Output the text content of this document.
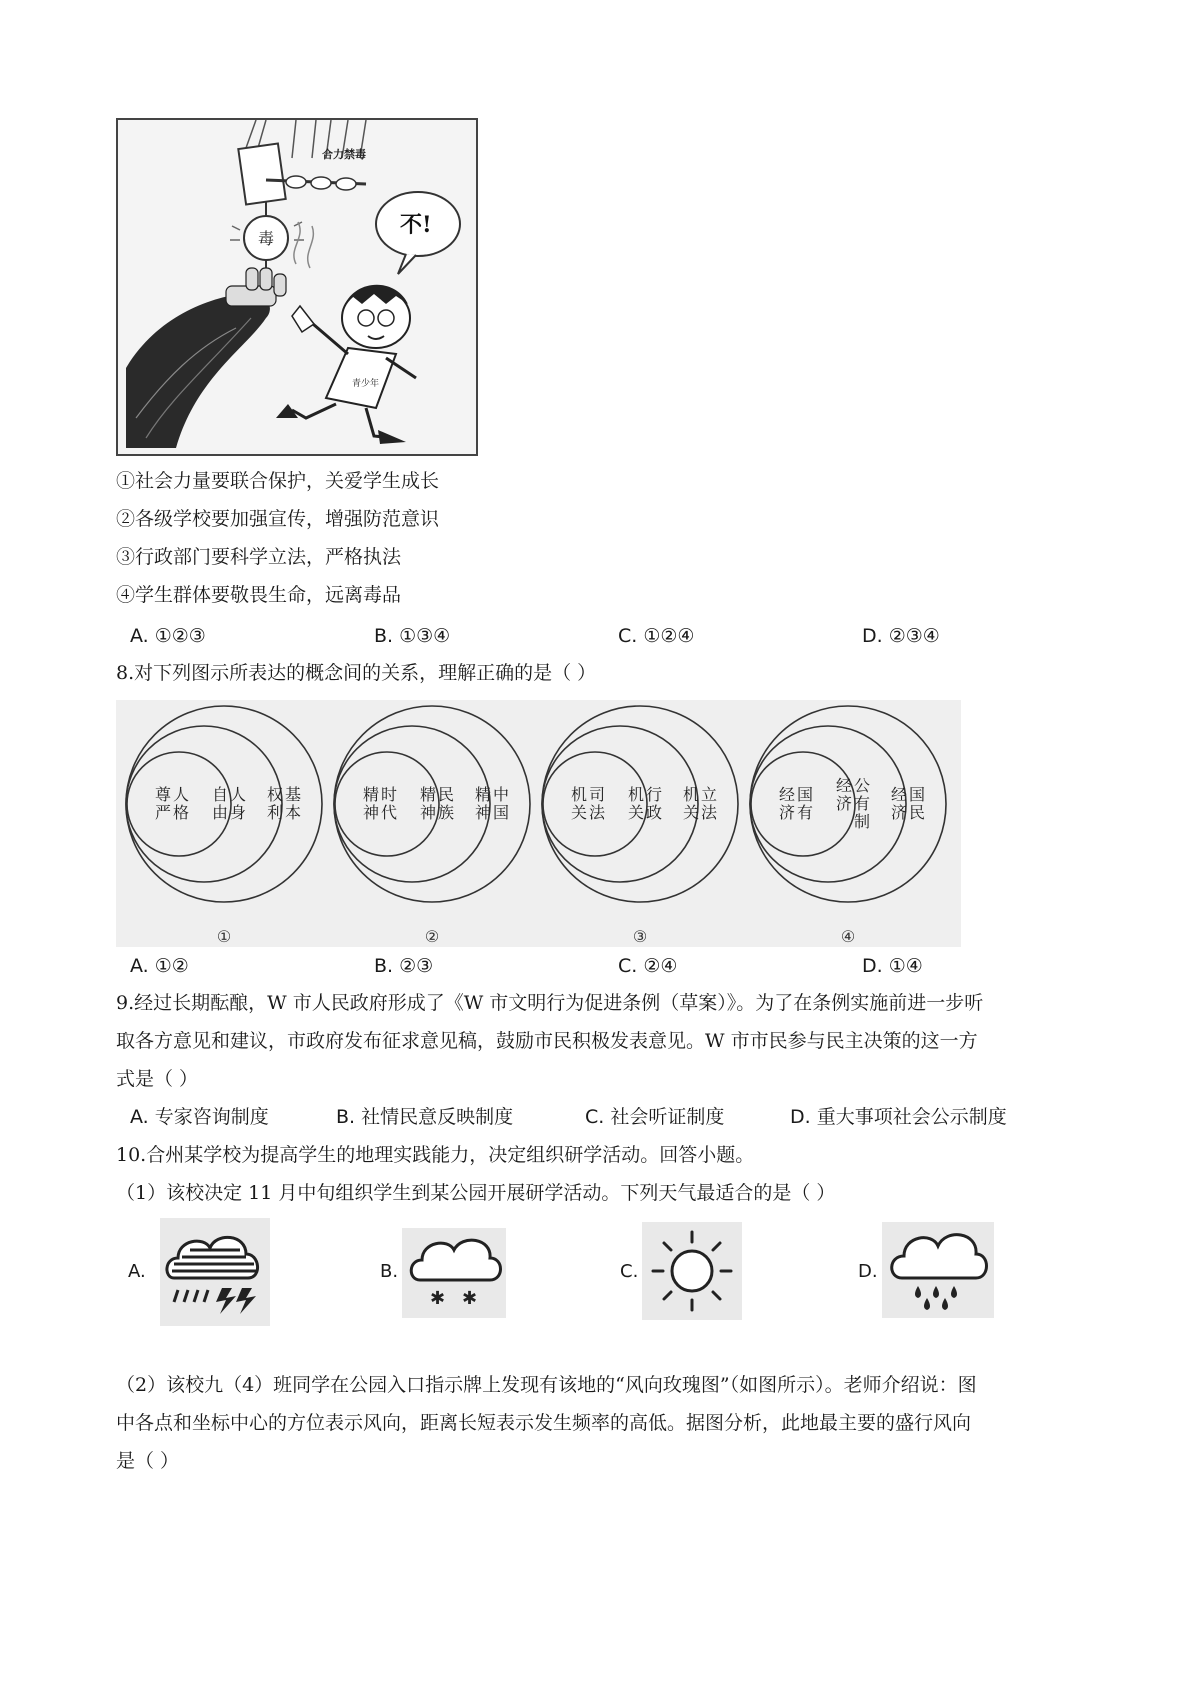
合力禁毒
毒
不!
青少年
①社会力量要联合保护，关爱学生成长
②各级学校要加强宣传，增强防范意识
③行政部门要科学立法，严格执法
④学生群体要敬畏生命，远离毒品
A. ①②③	B. ①③④	C. ①②④	D. ②③④
8.对下列图示所表达的概念间的关系，理解正确的是（ ）
人格尊严
人身自由
基本权利
①
时代精神
民族精神
中国精神
②
司法机关
行政机关
立法机关
③
国有经济
公有制经济	国民经济
④
A. ①②	B. ②③	C. ②④	D. ①④
9.经过长期酝酿，W 市人民政府形成了《W 市文明行为促进条例（草案）》。为了在条例实施前进一步听
取各方意见和建议，市政府发布征求意见稿，鼓励市民积极发表意见。W 市市民参与民主决策的这一方
式是（ ）
A. 专家咨询制度	B. 社情民意反映制度	C. 社会听证制度	D. 重大事项社会公示制度
10.合州某学校为提高学生的地理实践能力，决定组织研学活动。回答小题。
（1）该校决定 11 月中旬组织学生到某公园开展研学活动。下列天气最适合的是（ ）
A.	B.
✱ ✱
C.	D.
（2）该校九（4）班同学在公园入口指示牌上发现有该地的“风向玫瑰图”（如图所示）。老师介绍说：图
中各点和坐标中心的方位表示风向，距离长短表示发生频率的高低。据图分析，此地最主要的盛行风向
是（ ）
